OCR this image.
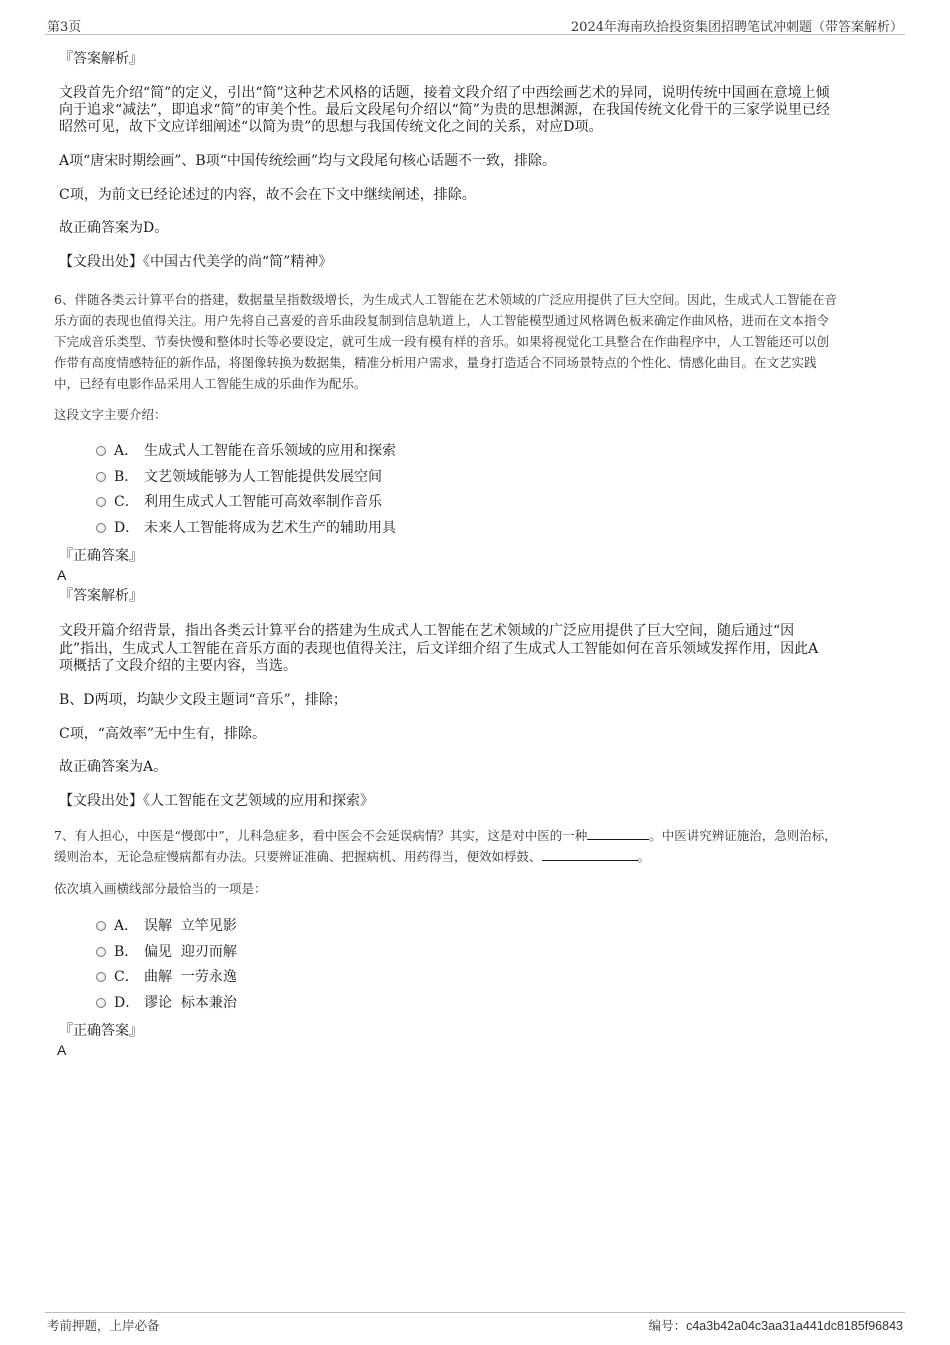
第3页	2024年海南玖拾投资集团招聘笔试冲刺题（带答案解析）
『答案解析』
文段首先介绍“简”的定义，引出“简”这种艺术风格的话题，接着文段介绍了中西绘画艺术的异同，说明传统中国画在意境上倾
向于追求“减法”，即追求“简”的审美个性。最后文段尾句介绍以“简”为贵的思想渊源，在我国传统文化骨干的三家学说里已经
昭然可见，故下文应详细阐述“以简为贵”的思想与我国传统文化之间的关系，对应D项。
A项“唐宋时期绘画”、B项“中国传统绘画”均与文段尾句核心话题不一致，排除。
C项，为前文已经论述过的内容，故不会在下文中继续阐述，排除。
故正确答案为D。
【文段出处】《中国古代美学的尚“简”精神》
6、伴随各类云计算平台的搭建，数据量呈指数级增长，为生成式人工智能在艺术领域的广泛应用提供了巨大空间。因此，生成式人工智能在音
乐方面的表现也值得关注。用户先将自己喜爱的音乐曲段复制到信息轨道上，人工智能模型通过风格调色板来确定作曲风格，进而在文本指令
下完成音乐类型、节奏快慢和整体时长等必要设定，就可生成一段有模有样的音乐。如果将视觉化工具整合在作曲程序中，人工智能还可以创
作带有高度情感特征的新作品，将图像转换为数据集，精准分析用户需求，量身打造适合不同场景特点的个性化、情感化曲目。在文艺实践
中，已经有电影作品采用人工智能生成的乐曲作为配乐。
这段文字主要介绍：
A． 生成式人工智能在音乐领域的应用和探索
B． 文艺领域能够为人工智能提供发展空间
C． 利用生成式人工智能可高效率制作音乐
D． 未来人工智能将成为艺术生产的辅助用具
『正确答案』
A
『答案解析』
文段开篇介绍背景，指出各类云计算平台的搭建为生成式人工智能在艺术领域的广泛应用提供了巨大空间，随后通过“因
此”指出，生成式人工智能在音乐方面的表现也值得关注，后文详细介绍了生成式人工智能如何在音乐领域发挥作用，因此A
项概括了文段介绍的主要内容，当选。
B、D两项，均缺少文段主题词“音乐”，排除；
C项，“高效率”无中生有，排除。
故正确答案为A。
【文段出处】《人工智能在文艺领域的应用和探索》
7、有人担心，中医是“慢郎中”，儿科急症多，看中医会不会延误病情？其实，这是对中医的一种	。中医讲究辨证施治，急则治标，
缓则治本，无论急症慢病都有办法。只要辨证准确、把握病机、用药得当，便效如桴鼓、	。
依次填入画横线部分最恰当的一项是：
A． 误解  立竿见影
B． 偏见  迎刃而解
C． 曲解  一劳永逸
D． 谬论  标本兼治
『正确答案』
A
考前押题，上岸必备	编号：c4a3b42a04c3aa31a441dc8185f96843
